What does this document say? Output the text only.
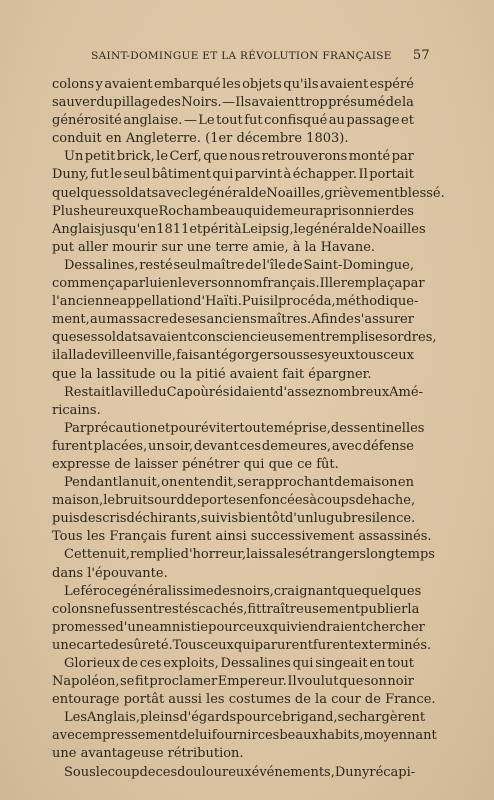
SAINT-DOMINGUE ET LA RÉVOLUTION FRANÇAISE	57
colons y avaient embarqué les objets qu'ils avaient espéré
sauver du pillage des Noirs. — Ils avaient trop présumé de la
générosité anglaise. — Le tout fut confisqué au passage et
conduit en Angleterre. (1er décembre 1803).
Un petit brick, le Cerf, que nous retrouverons monté par
Duny, fut le seul bâtiment qui parvint à échapper. Il portait
quelques soldats avec le général de Noailles, grièvement blessé.
Plus heureux que Rochambeau qui demeura prisonnier des
Anglais jusqu'en 1811 et périt à Leipsig, le général de Noailles
put aller mourir sur une terre amie, à la Havane.
Dessalines, resté seul maître de l'île de Saint-Domingue,
commença par lui enlever son nom français. Il le remplaça par
l'ancienne appellation d'Haïti. Puis il procéda, méthodique-
ment, au massacre de ses anciens maîtres. Afin de s'assurer
que ses soldats avaient consciencieusement rempli ses ordres,
il alla de ville en ville, faisant égorger sous ses yeux tous ceux
que la lassitude ou la pitié avaient fait épargner.
Restait la ville du Cap où résidaient d'assez nombreux Amé-
ricains.
Par précaution et pour éviter toute méprise, des sentinelles
furent placées, un soir, devant ces demeures, avec défense
expresse de laisser pénétrer qui que ce fût.
Pendant la nuit, on entendit, se rapprochant de maison en
maison, le bruit sourd de portes enfoncées à coups de hache,
puis des cris déchirants, suivis bientôt d'un lugubre silence.
Tous les Français furent ainsi successivement assassinés.
Cette nuit, remplie d'horreur, laissa les étrangers longtemps
dans l'épouvante.
Le féroce généralissime des noirs, craignant que quelques
colons ne fussent restés cachés, fit traîtreusement publier la
promesse d'une amnistie pour ceux qui viendraient chercher
une carte de sûreté. Tous ceux qui parurent furent exterminés.
Glorieux de ces exploits, Dessalines qui singeait en tout
Napoléon, se fit proclamer Empereur. Il voulut que son noir
entourage portât aussi les costumes de la cour de France.
Les Anglais, pleins d'égards pour ce brigand, se chargèrent
avec empressement de lui fournir ces beaux habits, moyennant
une avantageuse rétribution.
Sous le coup de ces douloureux événements, Duny récapi-
